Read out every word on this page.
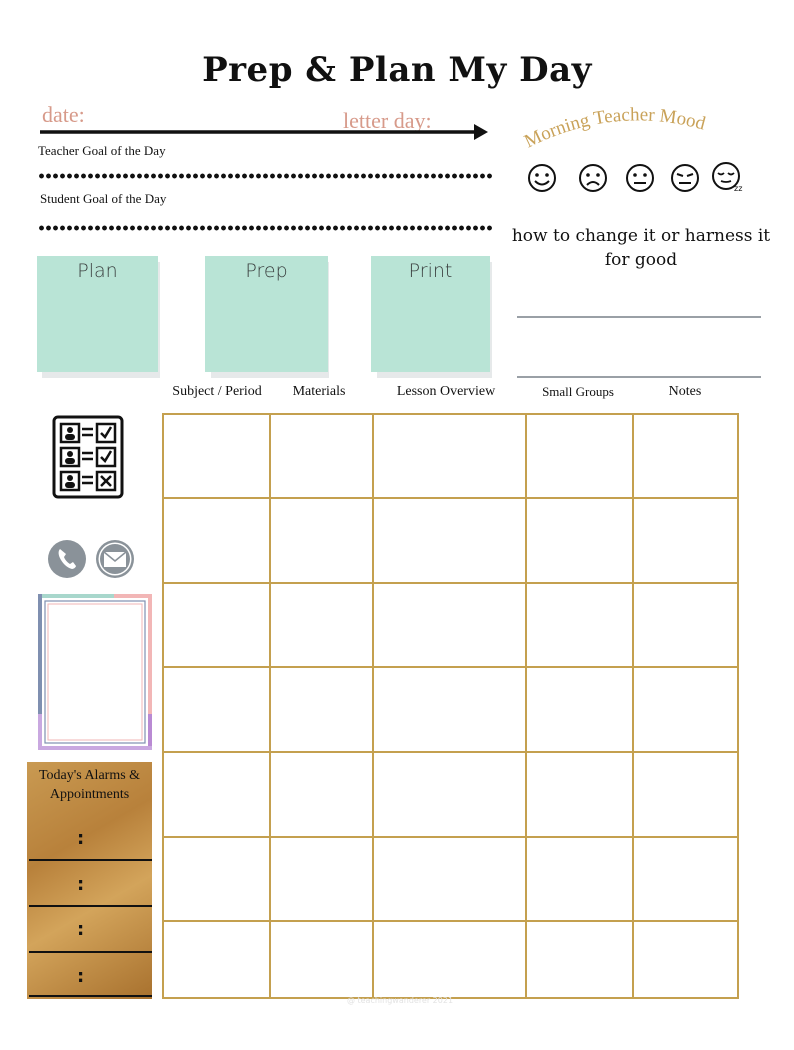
Prep & Plan My Day
date:	letter day:
Teacher Goal of the Day
Student Goal of the Day
Morning Teacher Mood
zz
how to change it or harness it for good
Plan	Prep	Print
Subject / Period	Materials	Lesson Overview	Small Groups	Notes
Today's Alarms & Appointments
:
:
:
:
@ teachingwanderer 2021
